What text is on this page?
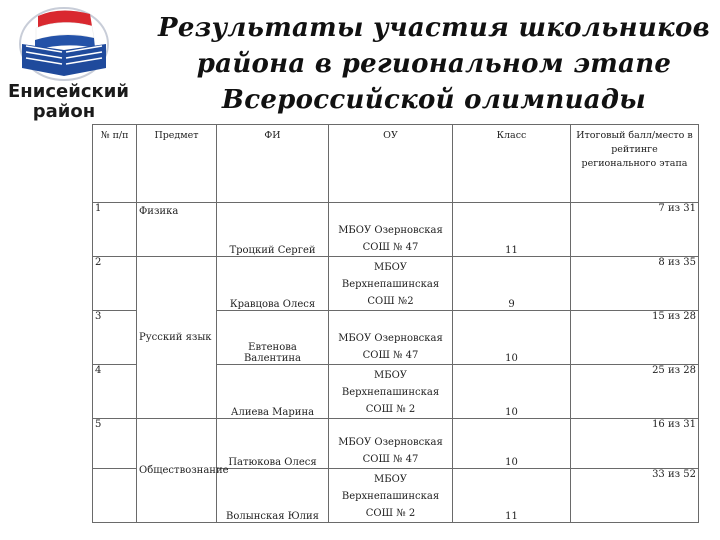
Енисейский
район
Результаты участия школьников
района в региональном этапе
Всероссийской олимпиады
№ п/п	Предмет	ФИ	ОУ	Класс	Итоговый балл/место в рейтинге регионального этапа
1	Физика	Троцкий Сергей	МБОУ Озерновская СОШ № 47	11	7 из 31
2	Русский язык	Кравцова Олеся	МБОУ Верхнепашинская СОШ №2	9	8 из 35
3		Евтенова Валентина	МБОУ Озерновская СОШ № 47	10	15 из 28
4		Алиева Марина	МБОУ Верхнепашинская СОШ № 2	10	25 из 28
5	Обществознание	Патюкова Олеся	МБОУ Озерновская СОШ № 47	10	16 из 31
		Волынская Юлия	МБОУ Верхнепашинская СОШ № 2	11	33 из 52
